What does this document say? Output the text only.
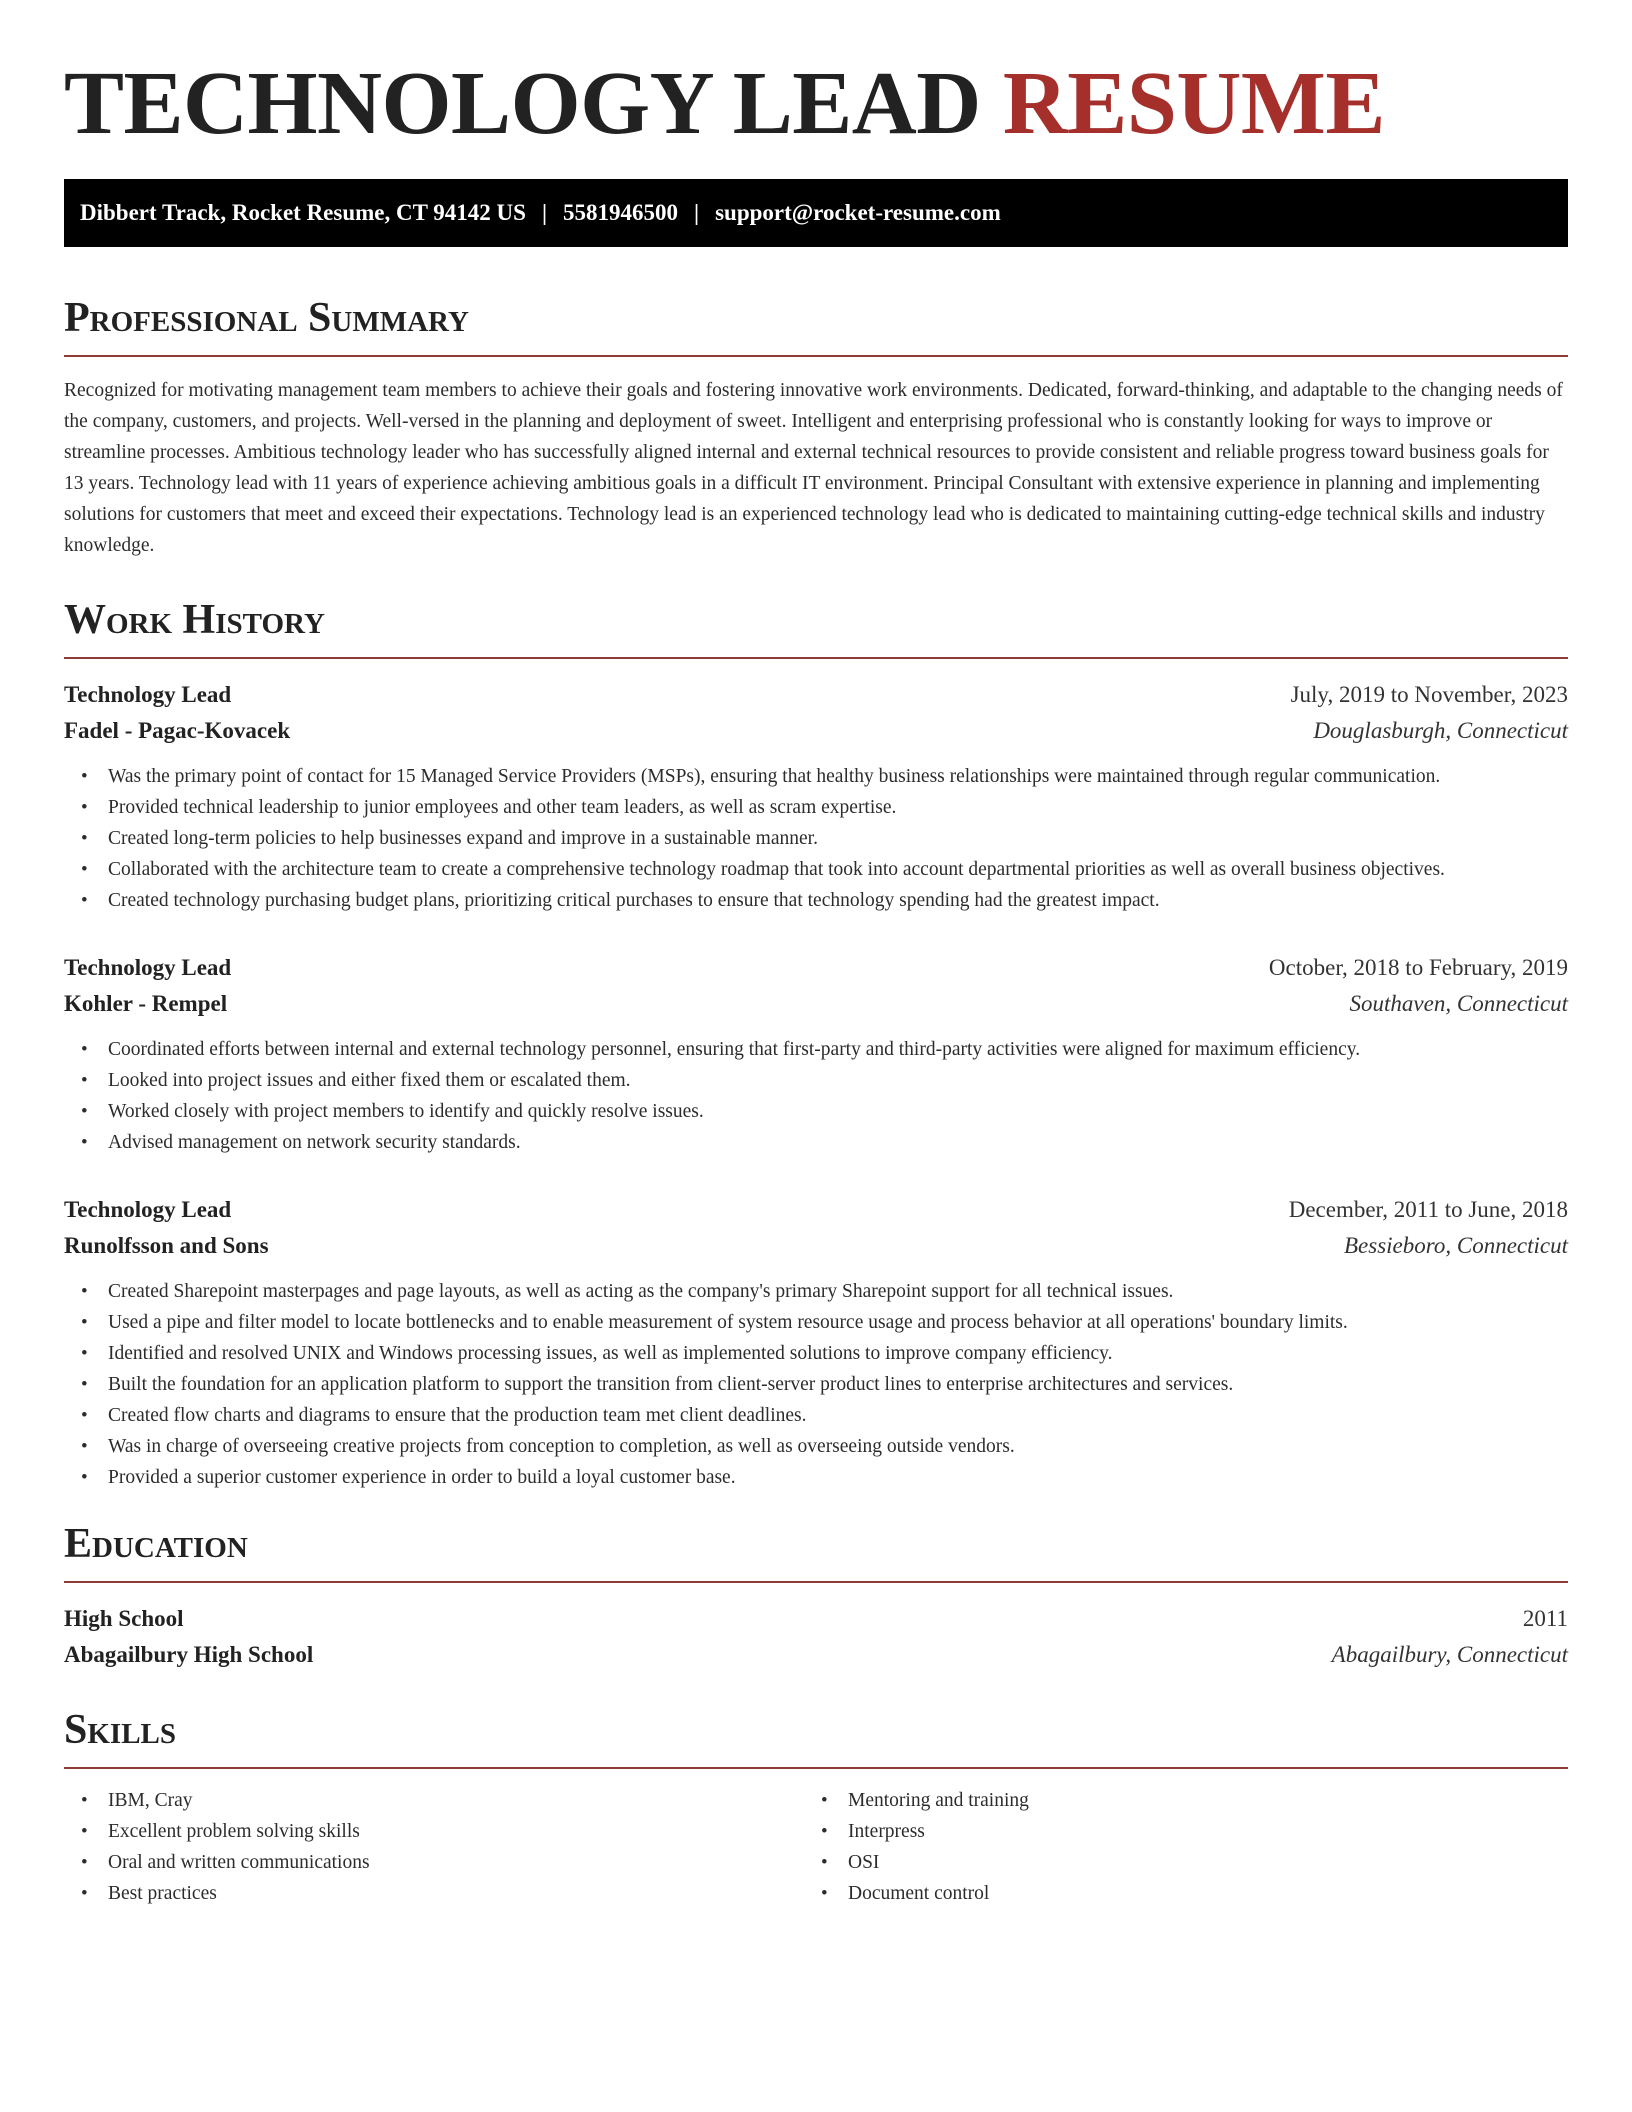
TECHNOLOGY LEAD RESUME
Dibbert Track, Rocket Resume, CT 94142 US | 5581946500 | support@rocket-resume.com
Professional Summary

Recognized for motivating management team members to achieve their goals and fostering innovative work environments. Dedicated, forward-thinking, and adaptable to the changing needs of the company, customers, and projects. Well-versed in the planning and deployment of sweet. Intelligent and enterprising professional who is constantly looking for ways to improve or streamline processes. Ambitious technology leader who has successfully aligned internal and external technical resources to provide consistent and reliable progress toward business goals for 13 years. Technology lead with 11 years of experience achieving ambitious goals in a difficult IT environment. Principal Consultant with extensive experience in planning and implementing solutions for customers that meet and exceed their expectations. Technology lead is an experienced technology lead who is dedicated to maintaining cutting-edge technical skills and industry knowledge.

Work History
Technology Lead	July, 2019 to November, 2023
Fadel - Pagac-Kovacek	Douglasburgh, Connecticut
• Was the primary point of contact for 15 Managed Service Providers (MSPs), ensuring that healthy business relationships were maintained through regular communication.
• Provided technical leadership to junior employees and other team leaders, as well as scram expertise.
• Created long-term policies to help businesses expand and improve in a sustainable manner.
• Collaborated with the architecture team to create a comprehensive technology roadmap that took into account departmental priorities as well as overall business objectives.
• Created technology purchasing budget plans, prioritizing critical purchases to ensure that technology spending had the greatest impact.
Technology Lead	October, 2018 to February, 2019
Kohler - Rempel	Southaven, Connecticut
• Coordinated efforts between internal and external technology personnel, ensuring that first-party and third-party activities were aligned for maximum efficiency.
• Looked into project issues and either fixed them or escalated them.
• Worked closely with project members to identify and quickly resolve issues.
• Advised management on network security standards.
Technology Lead	December, 2011 to June, 2018
Runolfsson and Sons	Bessieboro, Connecticut
• Created Sharepoint masterpages and page layouts, as well as acting as the company's primary Sharepoint support for all technical issues.
• Used a pipe and filter model to locate bottlenecks and to enable measurement of system resource usage and process behavior at all operations' boundary limits.
• Identified and resolved UNIX and Windows processing issues, as well as implemented solutions to improve company efficiency.
• Built the foundation for an application platform to support the transition from client-server product lines to enterprise architectures and services.
• Created flow charts and diagrams to ensure that the production team met client deadlines.
• Was in charge of overseeing creative projects from conception to completion, as well as overseeing outside vendors.
• Provided a superior customer experience in order to build a loyal customer base.
Education
High School	2011
Abagailbury High School	Abagailbury, Connecticut
Skills
• IBM, Cray
• Excellent problem solving skills
• Oral and written communications
• Best practices
• Mentoring and training
• Interpress
• OSI
• Document control
